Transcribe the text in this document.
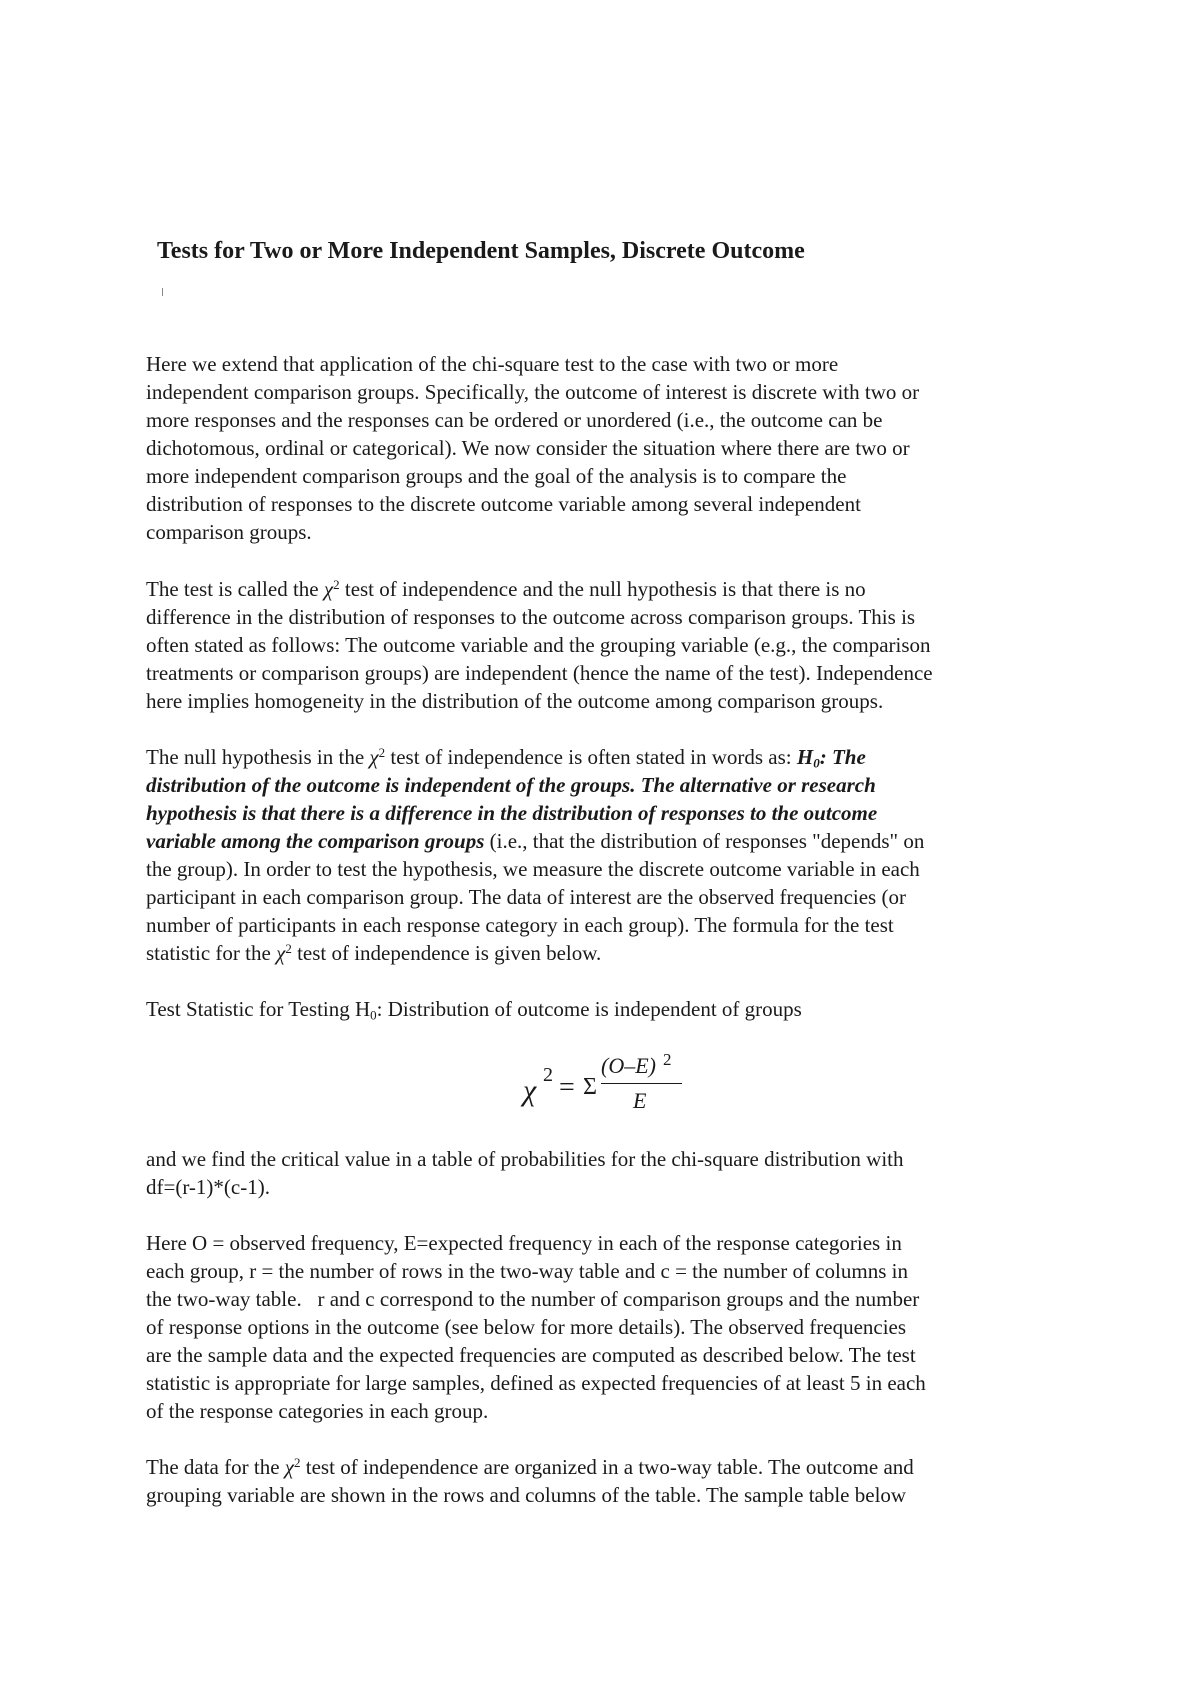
Tests for Two or More Independent Samples, Discrete Outcome

Here we extend that application of the chi-square test to the case with two or more
independent comparison groups. Specifically, the outcome of interest is discrete with two or
more responses and the responses can be ordered or unordered (i.e., the outcome can be
dichotomous, ordinal or categorical). We now consider the situation where there are two or
more independent comparison groups and the goal of the analysis is to compare the
distribution of responses to the discrete outcome variable among several independent
comparison groups.

The test is called the $\chi^2$ test of independence and the null hypothesis is that there is no
difference in the distribution of responses to the outcome across comparison groups. This is
often stated as follows: The outcome variable and the grouping variable (e.g., the comparison
treatments or comparison groups) are independent (hence the name of the test). Independence
here implies homogeneity in the distribution of the outcome among comparison groups.

The null hypothesis in the $\chi^2$ test of independence is often stated in words as: $H_0$: The
distribution of the outcome is independent of the groups. The alternative or research
hypothesis is that there is a difference in the distribution of responses to the outcome
variable among the comparison groups (i.e., that the distribution of responses "depends" on
the group). In order to test the hypothesis, we measure the discrete outcome variable in each
participant in each comparison group. The data of interest are the observed frequencies (or
number of participants in each response category in each group). The formula for the test
statistic for the $\chi^2$ test of independence is given below.

Test Statistic for Testing $H_0$: Distribution of outcome is independent of groups

χ 2 = Σ
(O–E) 2
E

and we find the critical value in a table of probabilities for the chi-square distribution with
df=(r-1)*(c-1).

Here O = observed frequency, E=expected frequency in each of the response categories in
each group, r = the number of rows in the two-way table and c = the number of columns in
the two-way table.   r and c correspond to the number of comparison groups and the number
of response options in the outcome (see below for more details). The observed frequencies
are the sample data and the expected frequencies are computed as described below. The test
statistic is appropriate for large samples, defined as expected frequencies of at least 5 in each
of the response categories in each group.

The data for the $\chi^2$ test of independence are organized in a two-way table. The outcome and
grouping variable are shown in the rows and columns of the table. The sample table below
